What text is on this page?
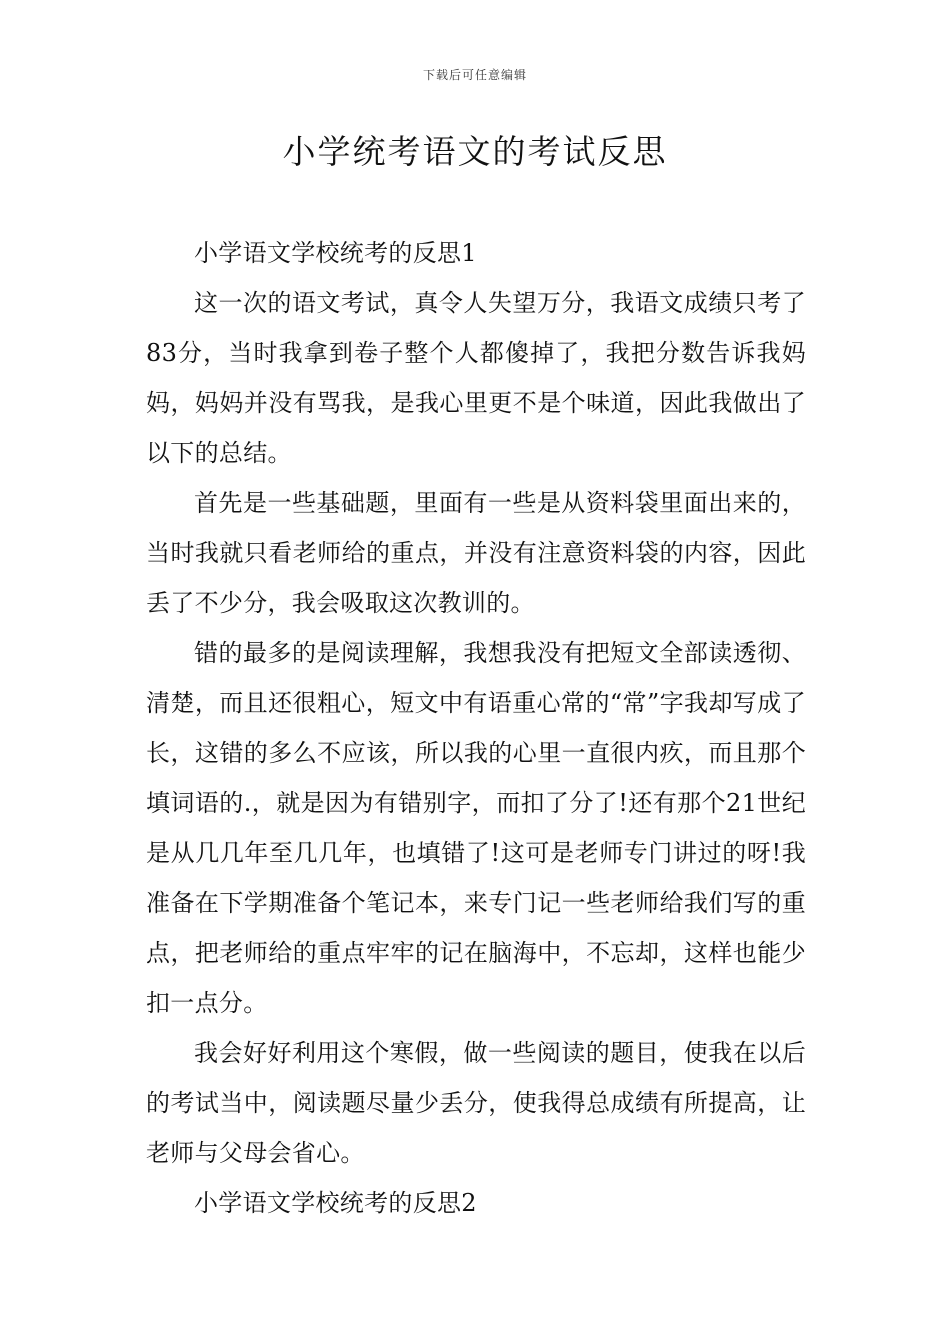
下载后可任意编辑
小学统考语文的考试反思

小学语文学校统考的反思1

这一次的语文考试，真令人失望万分，我语文成绩只考了83分，当时我拿到卷子整个人都傻掉了，我把分数告诉我妈妈，妈妈并没有骂我，是我心里更不是个味道，因此我做出了以下的总结。

首先是一些基础题，里面有一些是从资料袋里面出来的，当时我就只看老师给的重点，并没有注意资料袋的内容，因此丢了不少分，我会吸取这次教训的。

错的最多的是阅读理解，我想我没有把短文全部读透彻、清楚，而且还很粗心，短文中有语重心常的“常”字我却写成了长，这错的多么不应该，所以我的心里一直很内疚，而且那个填词语的.，就是因为有错别字，而扣了分了!还有那个21世纪是从几几年至几几年，也填错了!这可是老师专门讲过的呀!我准备在下学期准备个笔记本，来专门记一些老师给我们写的重点，把老师给的重点牢牢的记在脑海中，不忘却，这样也能少扣一点分。

我会好好利用这个寒假，做一些阅读的题目，使我在以后的考试当中，阅读题尽量少丢分，使我得总成绩有所提高，让老师与父母会省心。

小学语文学校统考的反思2
